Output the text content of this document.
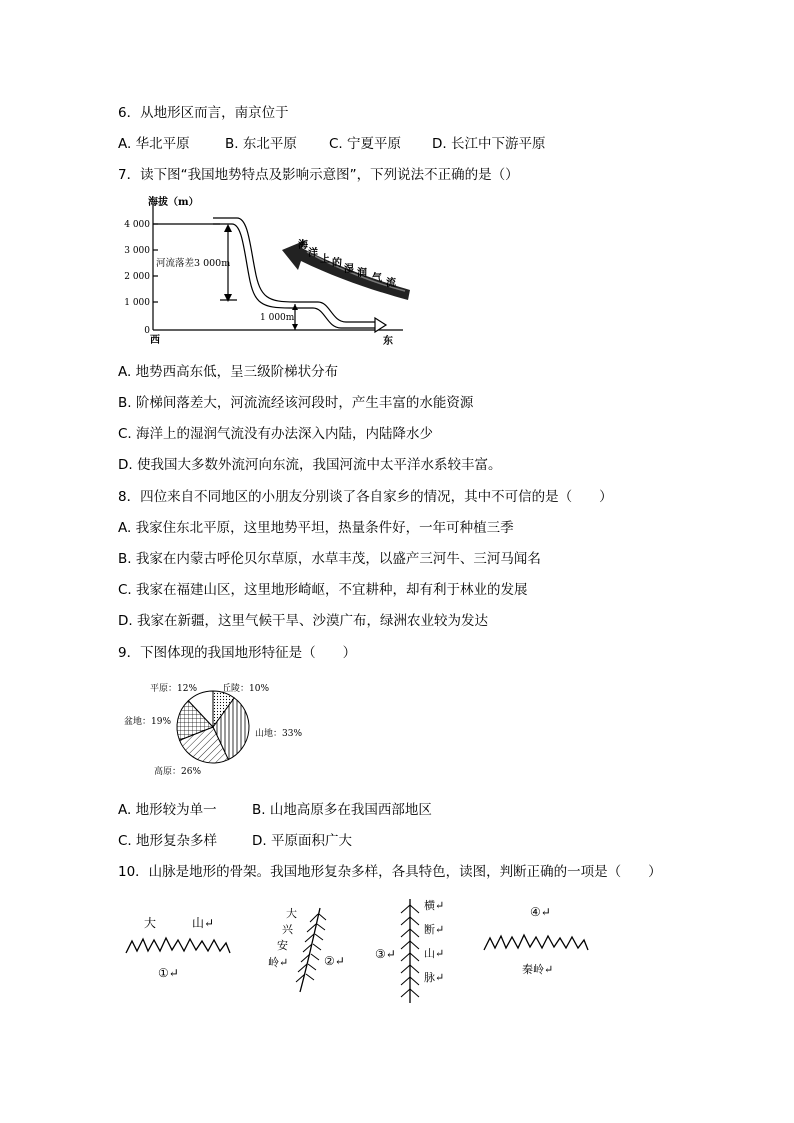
6．从地形区而言，南京位于
A. 华北平原	B. 东北平原 C. 宁夏平原 D. 长江中下游平原
7．读下图“我国地势特点及影响示意图”，下列说法不正确的是（）
海拔（m）
4 000
3 000
2 000
1 000
0
西	东
河流落差3 000m
1 000m
海
洋
上 的
湿 润 气 流
A. 地势西高东低，呈三级阶梯状分布
B. 阶梯间落差大，河流流经该河段时，产生丰富的水能资源
C. 海洋上的湿润气流没有办法深入内陆，内陆降水少
D. 使我国大多数外流河向东流，我国河流中太平洋水系较丰富。
8．四位来自不同地区的小朋友分别谈了各自家乡的情况，其中不可信的是（　　）
A. 我家住东北平原，这里地势平坦，热量条件好，一年可种植三季
B. 我家在内蒙古呼伦贝尔草原，水草丰茂，以盛产三河牛、三河马闻名
C. 我家在福建山区，这里地形崎岖，不宜耕种，却有利于林业的发展
D. 我家在新疆，这里气候干旱、沙漠广布，绿洲农业较为发达
9．下图体现的我国地形特征是（　　）
平原：12%	丘陵：10%
盆地：19%
山地：33%
高原：26%
A. 地形较为单一	B. 山地高原多在我国西部地区
C. 地形复杂多样	D. 平原面积广大
10．山脉是地形的骨架。我国地形复杂多样，各具特色，读图，判断正确的一项是（　　）
大	山↵
①↵
大
兴
安
岭↵	②↵	③↵
横↵
断↵
山↵
脉↵
④↵
秦岭↵
